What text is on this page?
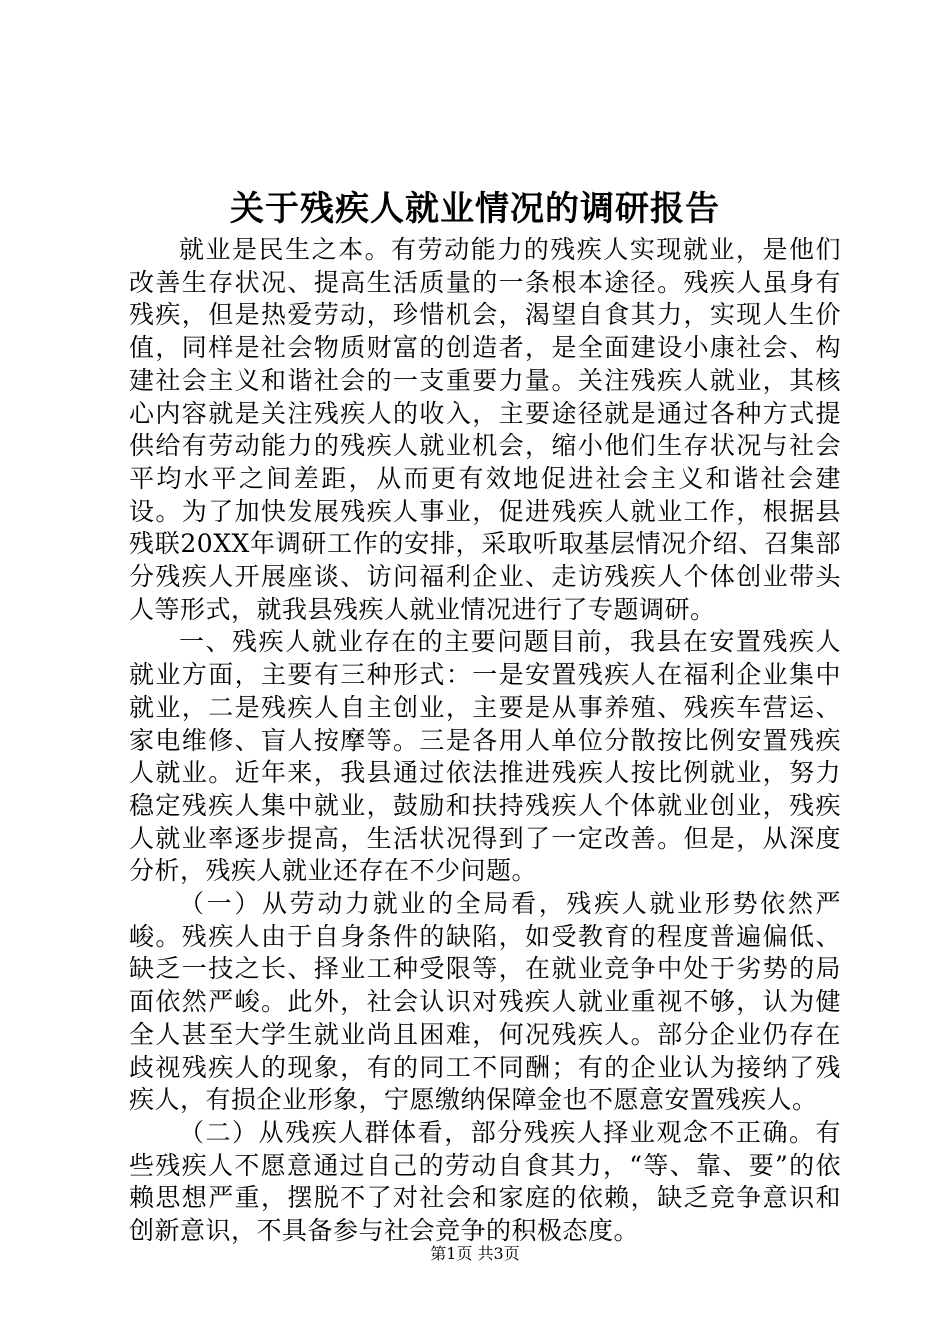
关于残疾人就业情况的调研报告

就业是民生之本。有劳动能力的残疾人实现就业，是他们改善生存状况、提高生活质量的一条根本途径。残疾人虽身有残疾，但是热爱劳动，珍惜机会，渴望自食其力，实现人生价值，同样是社会物质财富的创造者，是全面建设小康社会、构建社会主义和谐社会的一支重要力量。关注残疾人就业，其核心内容就是关注残疾人的收入，主要途径就是通过各种方式提供给有劳动能力的残疾人就业机会，缩小他们生存状况与社会平均水平之间差距，从而更有效地促进社会主义和谐社会建设。为了加快发展残疾人事业，促进残疾人就业工作，根据县残联20XX年调研工作的安排，采取听取基层情况介绍、召集部分残疾人开展座谈、访问福利企业、走访残疾人个体创业带头人等形式，就我县残疾人就业情况进行了专题调研。

一、残疾人就业存在的主要问题目前，我县在安置残疾人就业方面，主要有三种形式：一是安置残疾人在福利企业集中就业，二是残疾人自主创业，主要是从事养殖、残疾车营运、家电维修、盲人按摩等。三是各用人单位分散按比例安置残疾人就业。近年来，我县通过依法推进残疾人按比例就业，努力稳定残疾人集中就业，鼓励和扶持残疾人个体就业创业，残疾人就业率逐步提高，生活状况得到了一定改善。但是，从深度分析，残疾人就业还存在不少问题。

（一）从劳动力就业的全局看，残疾人就业形势依然严峻。残疾人由于自身条件的缺陷，如受教育的程度普遍偏低、缺乏一技之长、择业工种受限等，在就业竞争中处于劣势的局面依然严峻。此外，社会认识对残疾人就业重视不够，认为健全人甚至大学生就业尚且困难，何况残疾人。部分企业仍存在歧视残疾人的现象，有的同工不同酬；有的企业认为接纳了残疾人，有损企业形象，宁愿缴纳保障金也不愿意安置残疾人。

（二）从残疾人群体看，部分残疾人择业观念不正确。有些残疾人不愿意通过自己的劳动自食其力，“等、靠、要”的依赖思想严重，摆脱不了对社会和家庭的依赖，缺乏竞争意识和创新意识，不具备参与社会竞争的积极态度。

第1页 共3页
